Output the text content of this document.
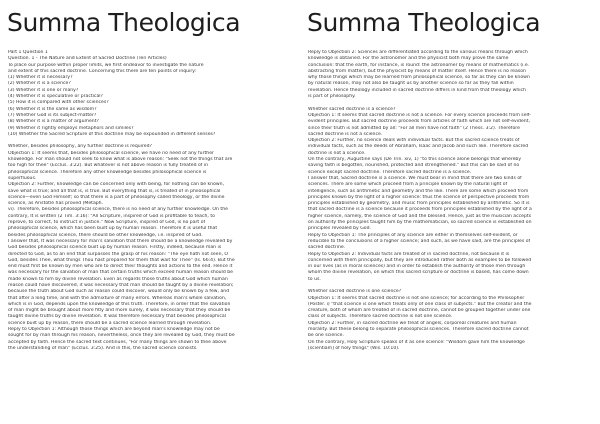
Summa Theologica
Part 1 Question 1
Question. 1 - The Nature and Extent of Sacred Doctrine (Ten Articles)
To place our purpose within proper limits, we first endeavor to investigate the nature
and extent of this sacred doctrine. Concerning this there are ten points of inquiry:
(1) Whether it is necessary?
(2) Whether it is a science?
(3) Whether it is one or many?
(4) Whether it is speculative or practical?
(5) How it is compared with other sciences?
(6) Whether it is the same as wisdom?
(7) Whether God is its subject-matter?
(8) Whether it is a matter of argument?
(9) Whether it rightly employs metaphors and similes?
(10) Whether the Sacred Scripture of this doctrine may be expounded in different senses?
Whether, besides philosophy, any further doctrine is required?
Objection 1: It seems that, besides philosophical science, we have no need of any further
knowledge. For man should not seek to know what is above reason: "Seek not the things that are
too high for thee" (Ecclus. 3:22). But whatever is not above reason is fully treated of in
philosophical science. Therefore any other knowledge besides philosophical science is
superfluous.
Objection 2: Further, knowledge can be concerned only with being, for nothing can be known,
save what is true; and all that is, is true. But everything that is, is treated of in philosophical
science—even God Himself; so that there is a part of philosophy called theology, or the divine
science, as Aristotle has proved (Metaph.
vi). Therefore, besides philosophical science, there is no need of any further knowledge. On the
contrary, It is written (2 Tim. 3:16): "All Scripture, inspired of God is profitable to teach, to
reprove, to correct, to instruct in justice." Now Scripture, inspired of God, is no part of
philosophical science, which has been built up by human reason. Therefore it is useful that
besides philosophical science, there should be other knowledge, i.e. inspired of God.
I answer that, It was necessary for man's salvation that there should be a knowledge revealed by
God besides philosophical science built up by human reason. Firstly, indeed, because man is
directed to God, as to an end that surpasses the grasp of his reason: "The eye hath not seen, O
God, besides Thee, what things Thou hast prepared for them that wait for Thee" (Is. 66:4). But the
end must first be known by men who are to direct their thoughts and actions to the end. Hence it
was necessary for the salvation of man that certain truths which exceed human reason should be
made known to him by divine revelation. Even as regards those truths about God which human
reason could have discovered, it was necessary that man should be taught by a divine revelation;
because the truth about God such as reason could discover, would only be known by a few, and
that after a long time, and with the admixture of many errors. Whereas man's whole salvation,
which is in God, depends upon the knowledge of this truth. Therefore, in order that the salvation
of man might be brought about more fitly and more surely, it was necessary that they should be
taught divine truths by divine revelation. It was therefore necessary that besides philosophical
science built up by reason, there should be a sacred science learned through revelation.
Reply to Objection 1: Although those things which are beyond man's knowledge may not be
sought for by man through his reason, nevertheless, once they are revealed by God, they must be
accepted by faith. Hence the sacred text continues, "For many things are shown to thee above
the understanding of man" (Ecclus. 3:25). And in this, the sacred science consists.
Summa Theologica
Reply to Objection 2: Sciences are differentiated according to the various means through which
knowledge is obtained. For the astronomer and the physicist both may prove the same
conclusion: that the earth, for instance, is round: the astronomer by means of mathematics (i.e.
abstracting from matter), but the physicist by means of matter itself. Hence there is no reason
why those things which may be learned from philosophical science, so far as they can be known
by natural reason, may not also be taught us by another science so far as they fall within
revelation. Hence theology included in sacred doctrine differs in kind from that theology which
is part of philosophy.
Whether sacred doctrine is a science?
Objection 1: It seems that sacred doctrine is not a science. For every science proceeds from self-
evident principles. But sacred doctrine proceeds from articles of faith which are not self-evident,
since their truth is not admitted by all: "For all men have not faith" (2 Thess. 3:2). Therefore
sacred doctrine is not a science.
Objection 2: Further, no science deals with individual facts. But this sacred science treats of
individual facts, such as the deeds of Abraham, Isaac and Jacob and such like. Therefore sacred
doctrine is not a science.
On the contrary, Augustine says (De Trin. xiv, 1) "to this science alone belongs that whereby
saving faith is begotten, nourished, protected and strengthened." But this can be said of no
science except sacred doctrine. Therefore sacred doctrine is a science.
I answer that, Sacred doctrine is a science. We must bear in mind that there are two kinds of
sciences. There are some which proceed from a principle known by the natural light of
intelligence, such as arithmetic and geometry and the like. There are some which proceed from
principles known by the light of a higher science: thus the science of perspective proceeds from
principles established by geometry, and music from principles established by arithmetic. So it is
that sacred doctrine is a science because it proceeds from principles established by the light of a
higher science, namely, the science of God and the blessed. Hence, just as the musician accepts
on authority the principles taught him by the mathematician, so sacred science is established on
principles revealed by God.
Reply to Objection 1: The principles of any science are either in themselves self-evident, or
reducible to the conclusions of a higher science; and such, as we have said, are the principles of
sacred doctrine.
Reply to Objection 2: Individual facts are treated of in sacred doctrine, not because it is
concerned with them principally, but they are introduced rather both as examples to be followed
in our lives (as in moral sciences) and in order to establish the authority of those men through
whom the divine revelation, on which this sacred scripture or doctrine is based, has come down
to us.
Whether sacred doctrine is one science?
Objection 1: It seems that sacred doctrine is not one science; for according to the Philosopher
(Poster. i) "that science is one which treats only of one class of subjects." But the creator and the
creature, both of whom are treated of in sacred doctrine, cannot be grouped together under one
class of subjects. Therefore sacred doctrine is not one science.
Objection 2: Further, in sacred doctrine we treat of angels, corporeal creatures and human
morality. But these belong to separate philosophical sciences. Therefore sacred doctrine cannot
be one science.
On the contrary, Holy Scripture speaks of it as one science: "Wisdom gave him the knowledge
[scientiam] of holy things" (Wis. 10:10).
